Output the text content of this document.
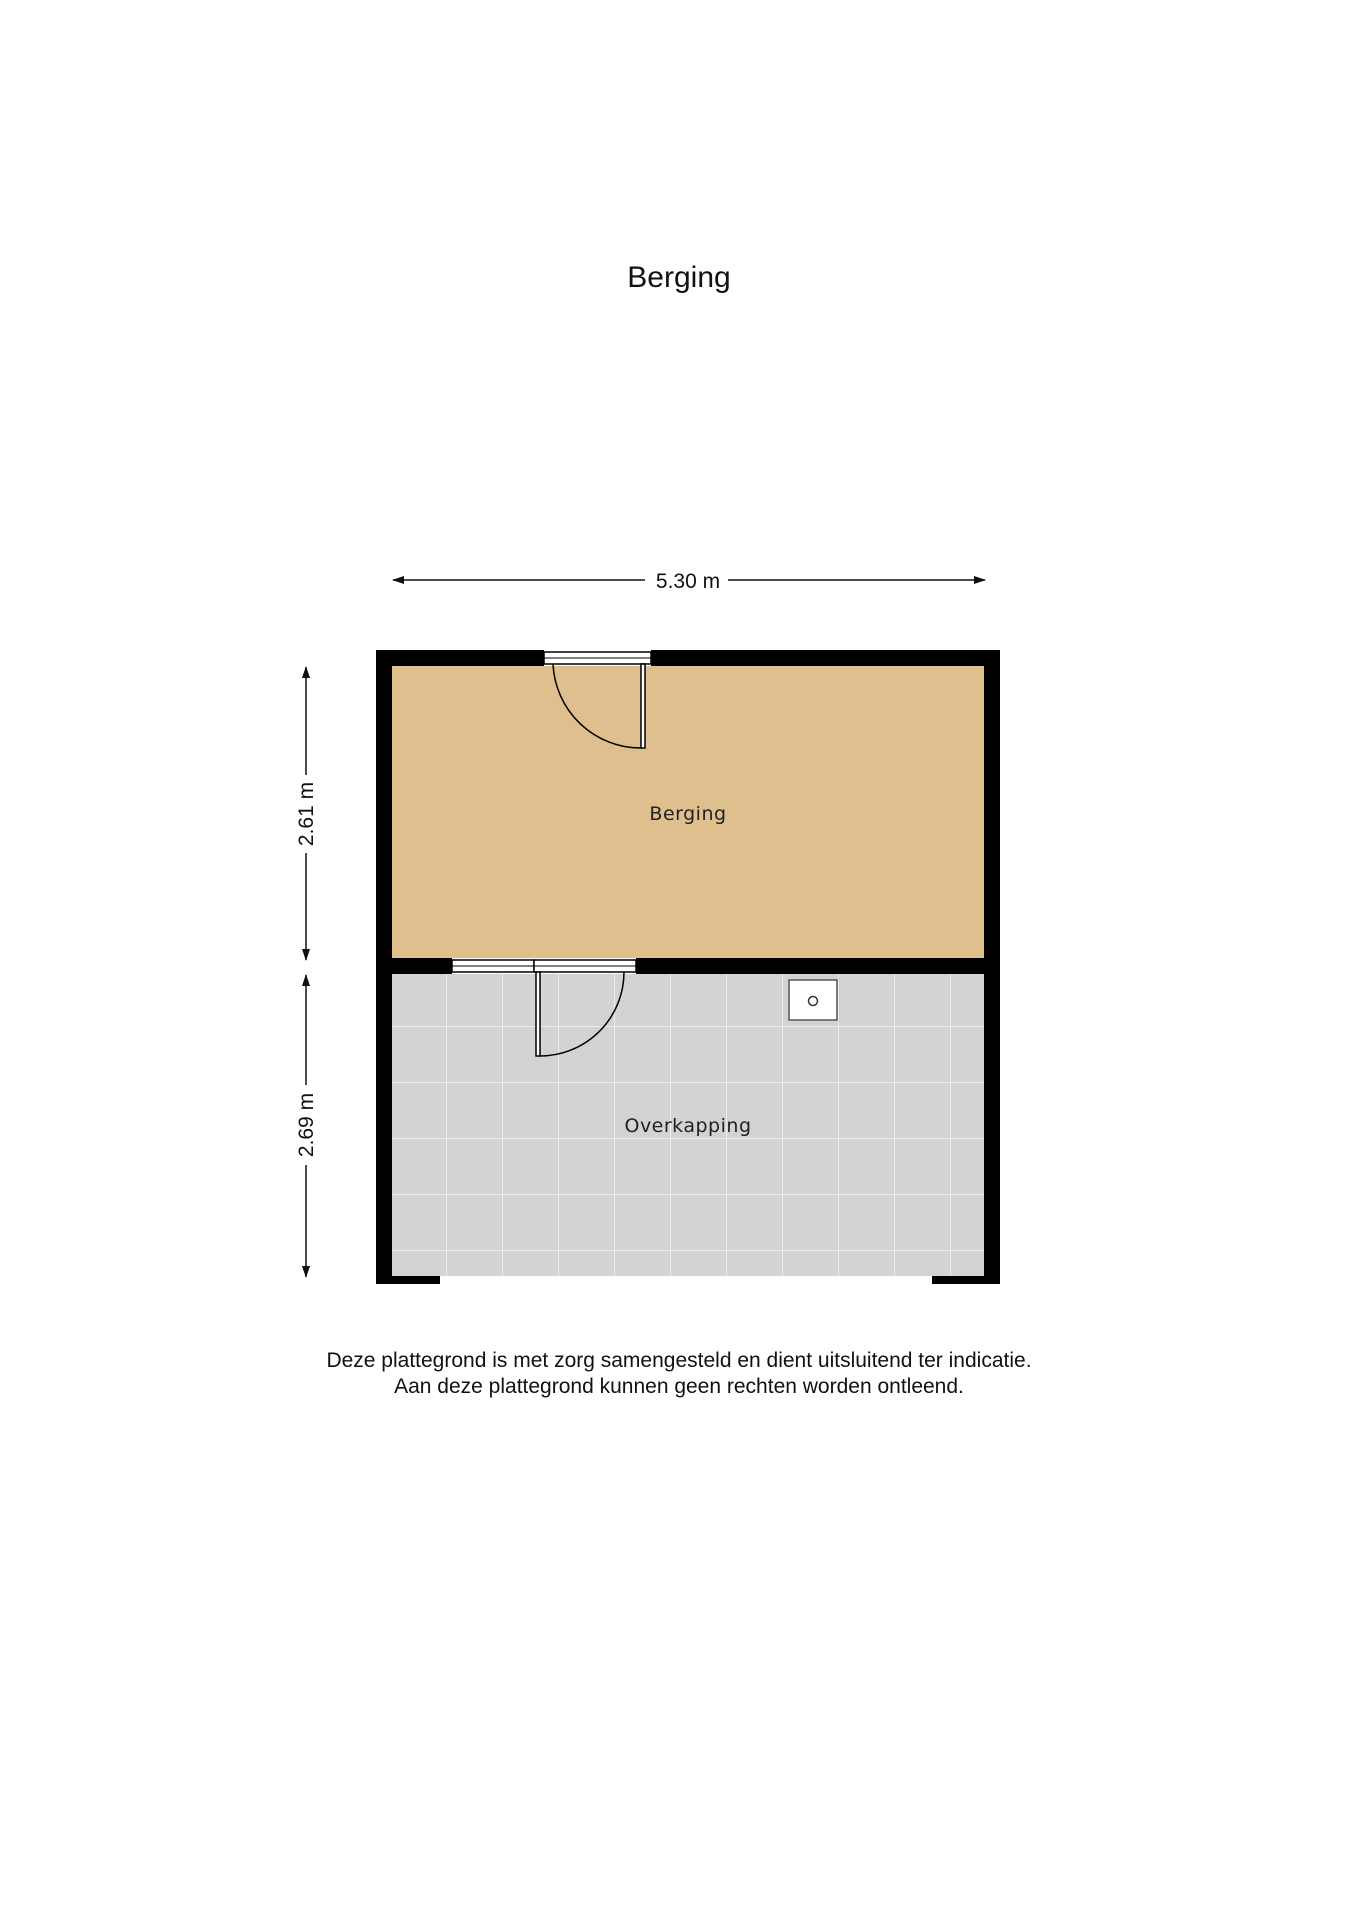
Berging
5.30 m
2.61 m
2.69 m
Berging
Overkapping
Deze plattegrond is met zorg samengesteld en dient uitsluitend ter indicatie.
Aan deze plattegrond kunnen geen rechten worden ontleend.
